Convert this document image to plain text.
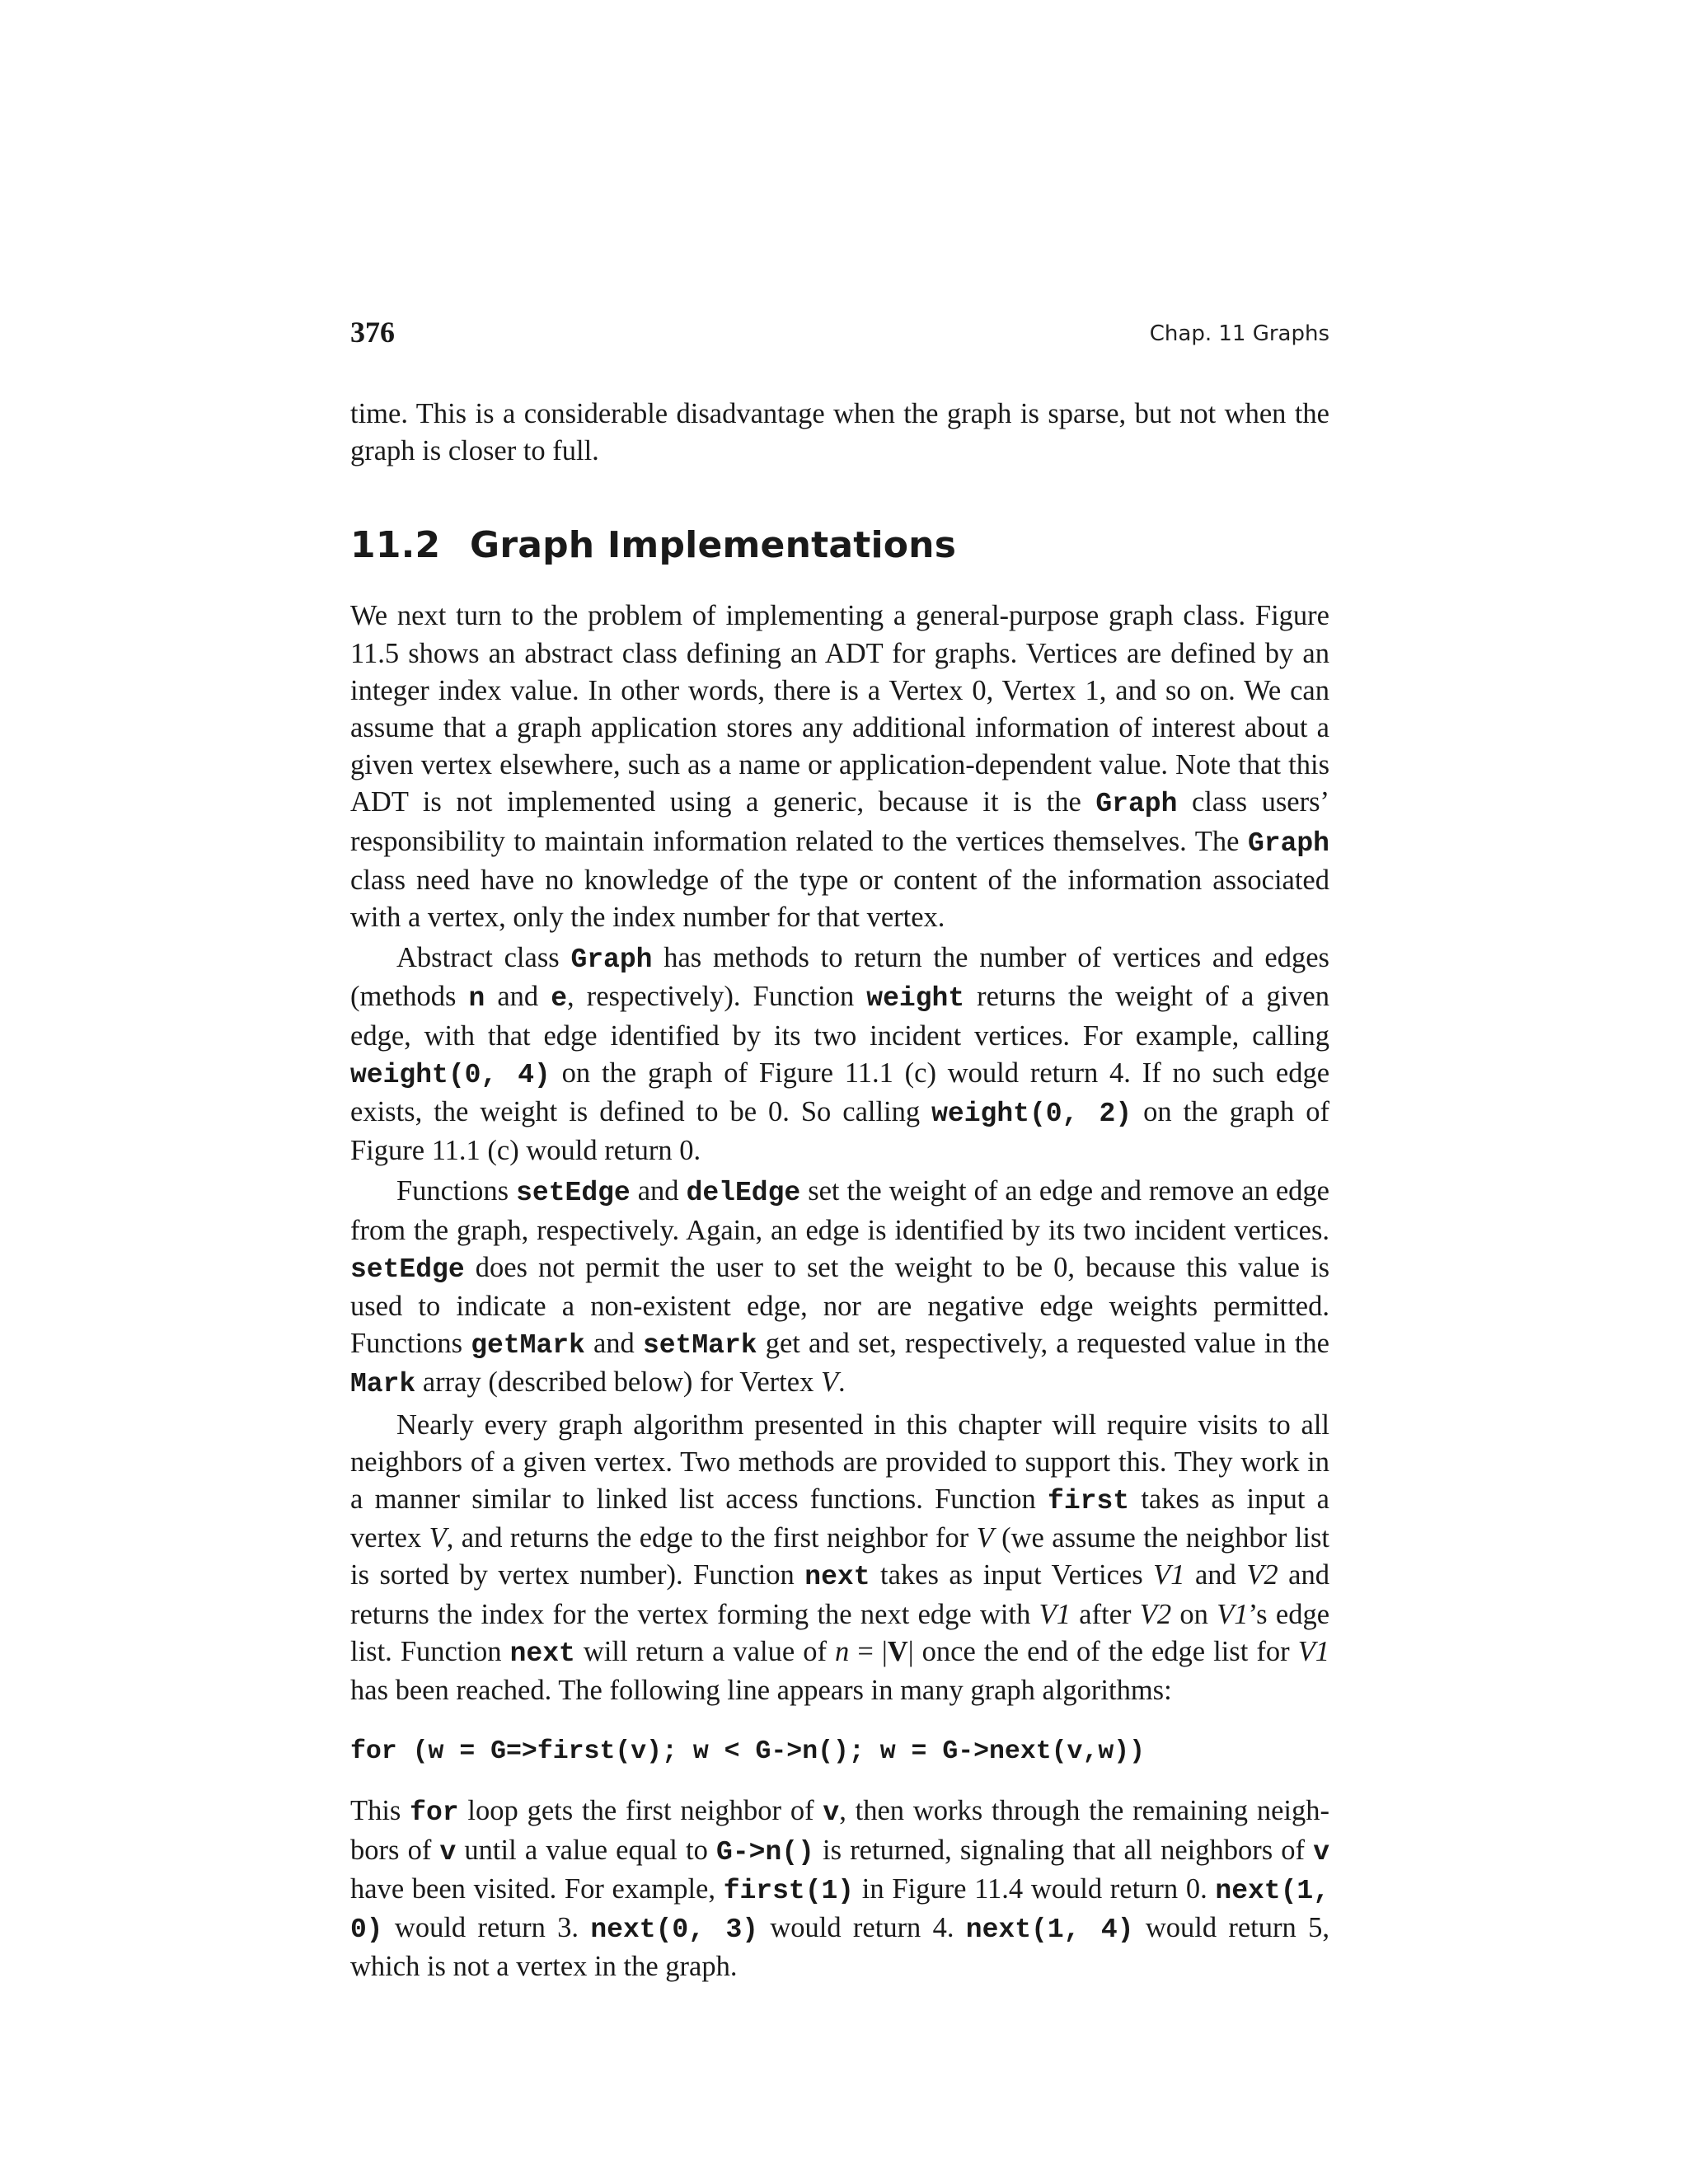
376	Chap. 11 Graphs

time. This is a considerable disadvantage when the graph is sparse, but not when the graph is closer to full.

11.2 Graph Implementations

We next turn to the problem of implementing a general-purpose graph class. Figure 11.5 shows an abstract class defining an ADT for graphs. Vertices are defined by an integer index value. In other words, there is a Vertex 0, Vertex 1, and so on. We can assume that a graph application stores any additional information of interest about a given vertex elsewhere, such as a name or application-dependent value. Note that this ADT is not implemented using a generic, because it is the Graph class users’ responsibility to maintain information related to the vertices themselves. The Graph class need have no knowledge of the type or content of the information associated with a vertex, only the index number for that vertex.

Abstract class Graph has methods to return the number of vertices and edges (methods n and e, respectively). Function weight returns the weight of a given edge, with that edge identified by its two incident vertices. For example, calling weight(0, 4) on the graph of Figure 11.1 (c) would return 4. If no such edge exists, the weight is defined to be 0. So calling weight(0, 2) on the graph of Figure 11.1 (c) would return 0.

Functions setEdge and delEdge set the weight of an edge and remove an edge from the graph, respectively. Again, an edge is identified by its two incident vertices. setEdge does not permit the user to set the weight to be 0, because this value is used to indicate a non-existent edge, nor are negative edge weights permitted. Functions getMark and setMark get and set, respectively, a requested value in the Mark array (described below) for Vertex V.

Nearly every graph algorithm presented in this chapter will require visits to all neighbors of a given vertex. Two methods are provided to support this. They work in a manner similar to linked list access functions. Function first takes as input a vertex V, and returns the edge to the first neighbor for V (we assume the neighbor list is sorted by vertex number). Function next takes as input Vertices V1 and V2 and returns the index for the vertex forming the next edge with V1 after V2 on V1’s edge list. Function next will return a value of n = |V| once the end of the edge list for V1 has been reached. The following line appears in many graph algorithms:

for (w = G=>first(v); w < G->n(); w = G->next(v,w))

This for loop gets the first neighbor of v, then works through the remaining neighbors of v until a value equal to G->n() is returned, signaling that all neighbors of v have been visited. For example, first(1) in Figure 11.4 would return 0. next(1, 0) would return 3. next(0, 3) would return 4. next(1, 4) would return 5, which is not a vertex in the graph.
